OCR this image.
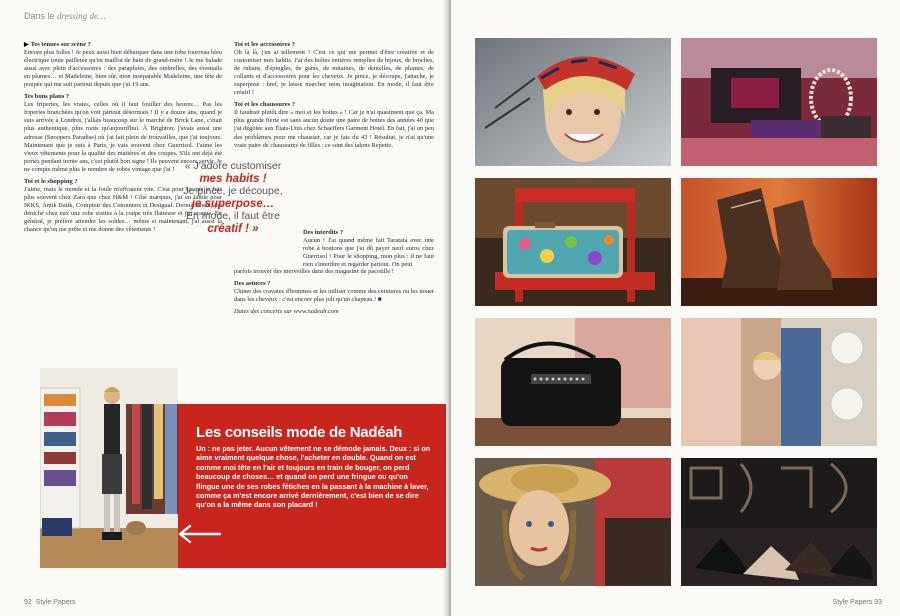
Dans le dressing de…

▶ Tes tenues sur scène ?
Encore plus folles ! Je peux aussi bien débarquer dans une robe fourreau bleu électrique toute pailletée qu'en maillot de bain de grand-mère ! Je me balade aussi avec plein d'accessoires : des parapluies, des ombrelles, des éventails en plumes… et Madeleine, bien sûr, mon inséparable Madeleine, une tête de poupée qui me suit partout depuis que j'ai 19 ans.

Tes bons plans ?
Les friperies, les vraies, celles où il faut fouiller des heures… Pas les friperies branchées qu'on voit partout désormais ! Il y a douze ans, quand je suis arrivée à Londres, j'allais beaucoup sur le marché de Brick Lane, c'était plus authentique, plus roots qu'aujourd'hui. À Brighton, j'avais aussi une adresse (Snoopers Paradise) où j'ai fait plein de trouvailles, que j'ai toujours. Maintenant que je suis à Paris, je vais souvent chez Guerrisol. J'aime les vieux vêtements pour la qualité des matières et des coupes. S'ils ont déjà été portés pendant trente ans, c'est plutôt bon signe ! Ils peuvent encore servir. Je ne compte même plus le nombre de robes vintage que j'ai !

Toi et le shopping ?
J'aime, mais le monde et la foule m'effraient vite. C'est pour ça que je fuis plus souvent chez Zara que chez H&M ! Côté marques, j'ai un faible pour IKKS, Antik Batik, Comptoir des Cotonniers et Desigual. Dernièrement, j'ai déniché chez eux une robe sixties à la coupe très flatteuse et j'ai craqué. En général, je préfère attendre les soldes… même si maintenant, j'ai aussi la chance qu'on me prête et me donne des vêtements !

Toi et les accessoires ?
Oh là là, j'en ai tellement ! C'est ce qui me permet d'être créative et de customiser mes habits. J'ai des boîtes entières remplies de bijoux, de broches, de rubans, d'épingles, de gants, de mitaines, de dentelles, de plumes, de collants et d'accessoires pour les cheveux. Je pince, je découpe, j'attache, je superpose : bref, je laisse marcher mon imagination. En mode, il faut être créatif !

Toi et les chaussures ?
Il faudrait plutôt dire « moi et les bottes » ! Car je n'ai quasiment que ça. Ma plus grande fierté est sans aucun doute une paire de bottes des années 40 que j'ai dégotée aux États-Unis chez Schaeffers Garment Hotel. En fait, j'ai un peu des problèmes pour me chausser, car je fais du 43 ! Résultat, je n'ai qu'une vraie paire de chaussures de filles : ce sont des talons Repetto.

Des interdits ?
Aucun ! J'ai quand même fait Taratata avec une robe à boutons que j'ai dû payer neuf euros chez Guerrisol ! Pour le shopping, mon plus : il ne faut rien s'interdire et regarder partout. On peut

parfois trouver des merveilles dans des magasins de pacotille !

Des astuces ?
Chiner des cravates d'hommes et les utiliser comme des ceintures ou les nouer dans les cheveux : c'est encore plus joli qu'un chapeau ! ■

Dates des concerts sur www.nadeah.com

« J'adore customiser
mes habits !
Je pince, je découpe,
je superpose…
En mode, il faut être
créatif ! »
Les conseils mode de Nadéah
Un : ne pas jeter. Aucun vêtement ne se démode jamais. Deux : si on aime vraiment quelque chose, l'acheter en double. Quand on est comme moi tête en l'air et toujours en train de bouger, on perd beaucoup de choses… et quand on perd une fringue ou qu'on flingue une de ses robes fétiches en la passant à la machine à laver, comme ça m'est encore arrivé dernièrement, c'est bien de se dire qu'on a la même dans son placard !
92 Style Papers	Style Papers 93
